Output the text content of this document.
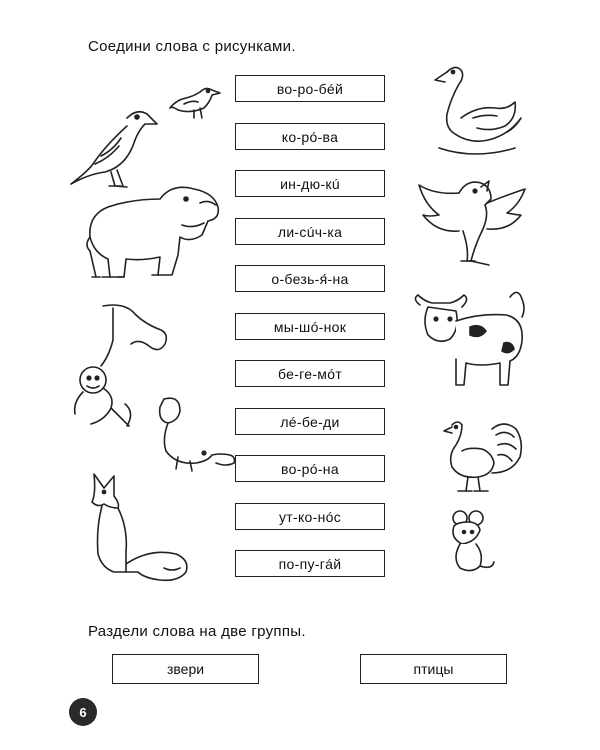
Соедини слова с рисунками.
во-ро-бéй
ко-рó-ва
ин-дю-кú
ли-сúч-ка
о-безь-я́-на
мы-шó-нок
бе-ге-мóт
лé-бе-ди
во-рó-на
ут-ко-нóс
по-пу-гáй
Раздели слова на две группы.
звери	птицы
6
